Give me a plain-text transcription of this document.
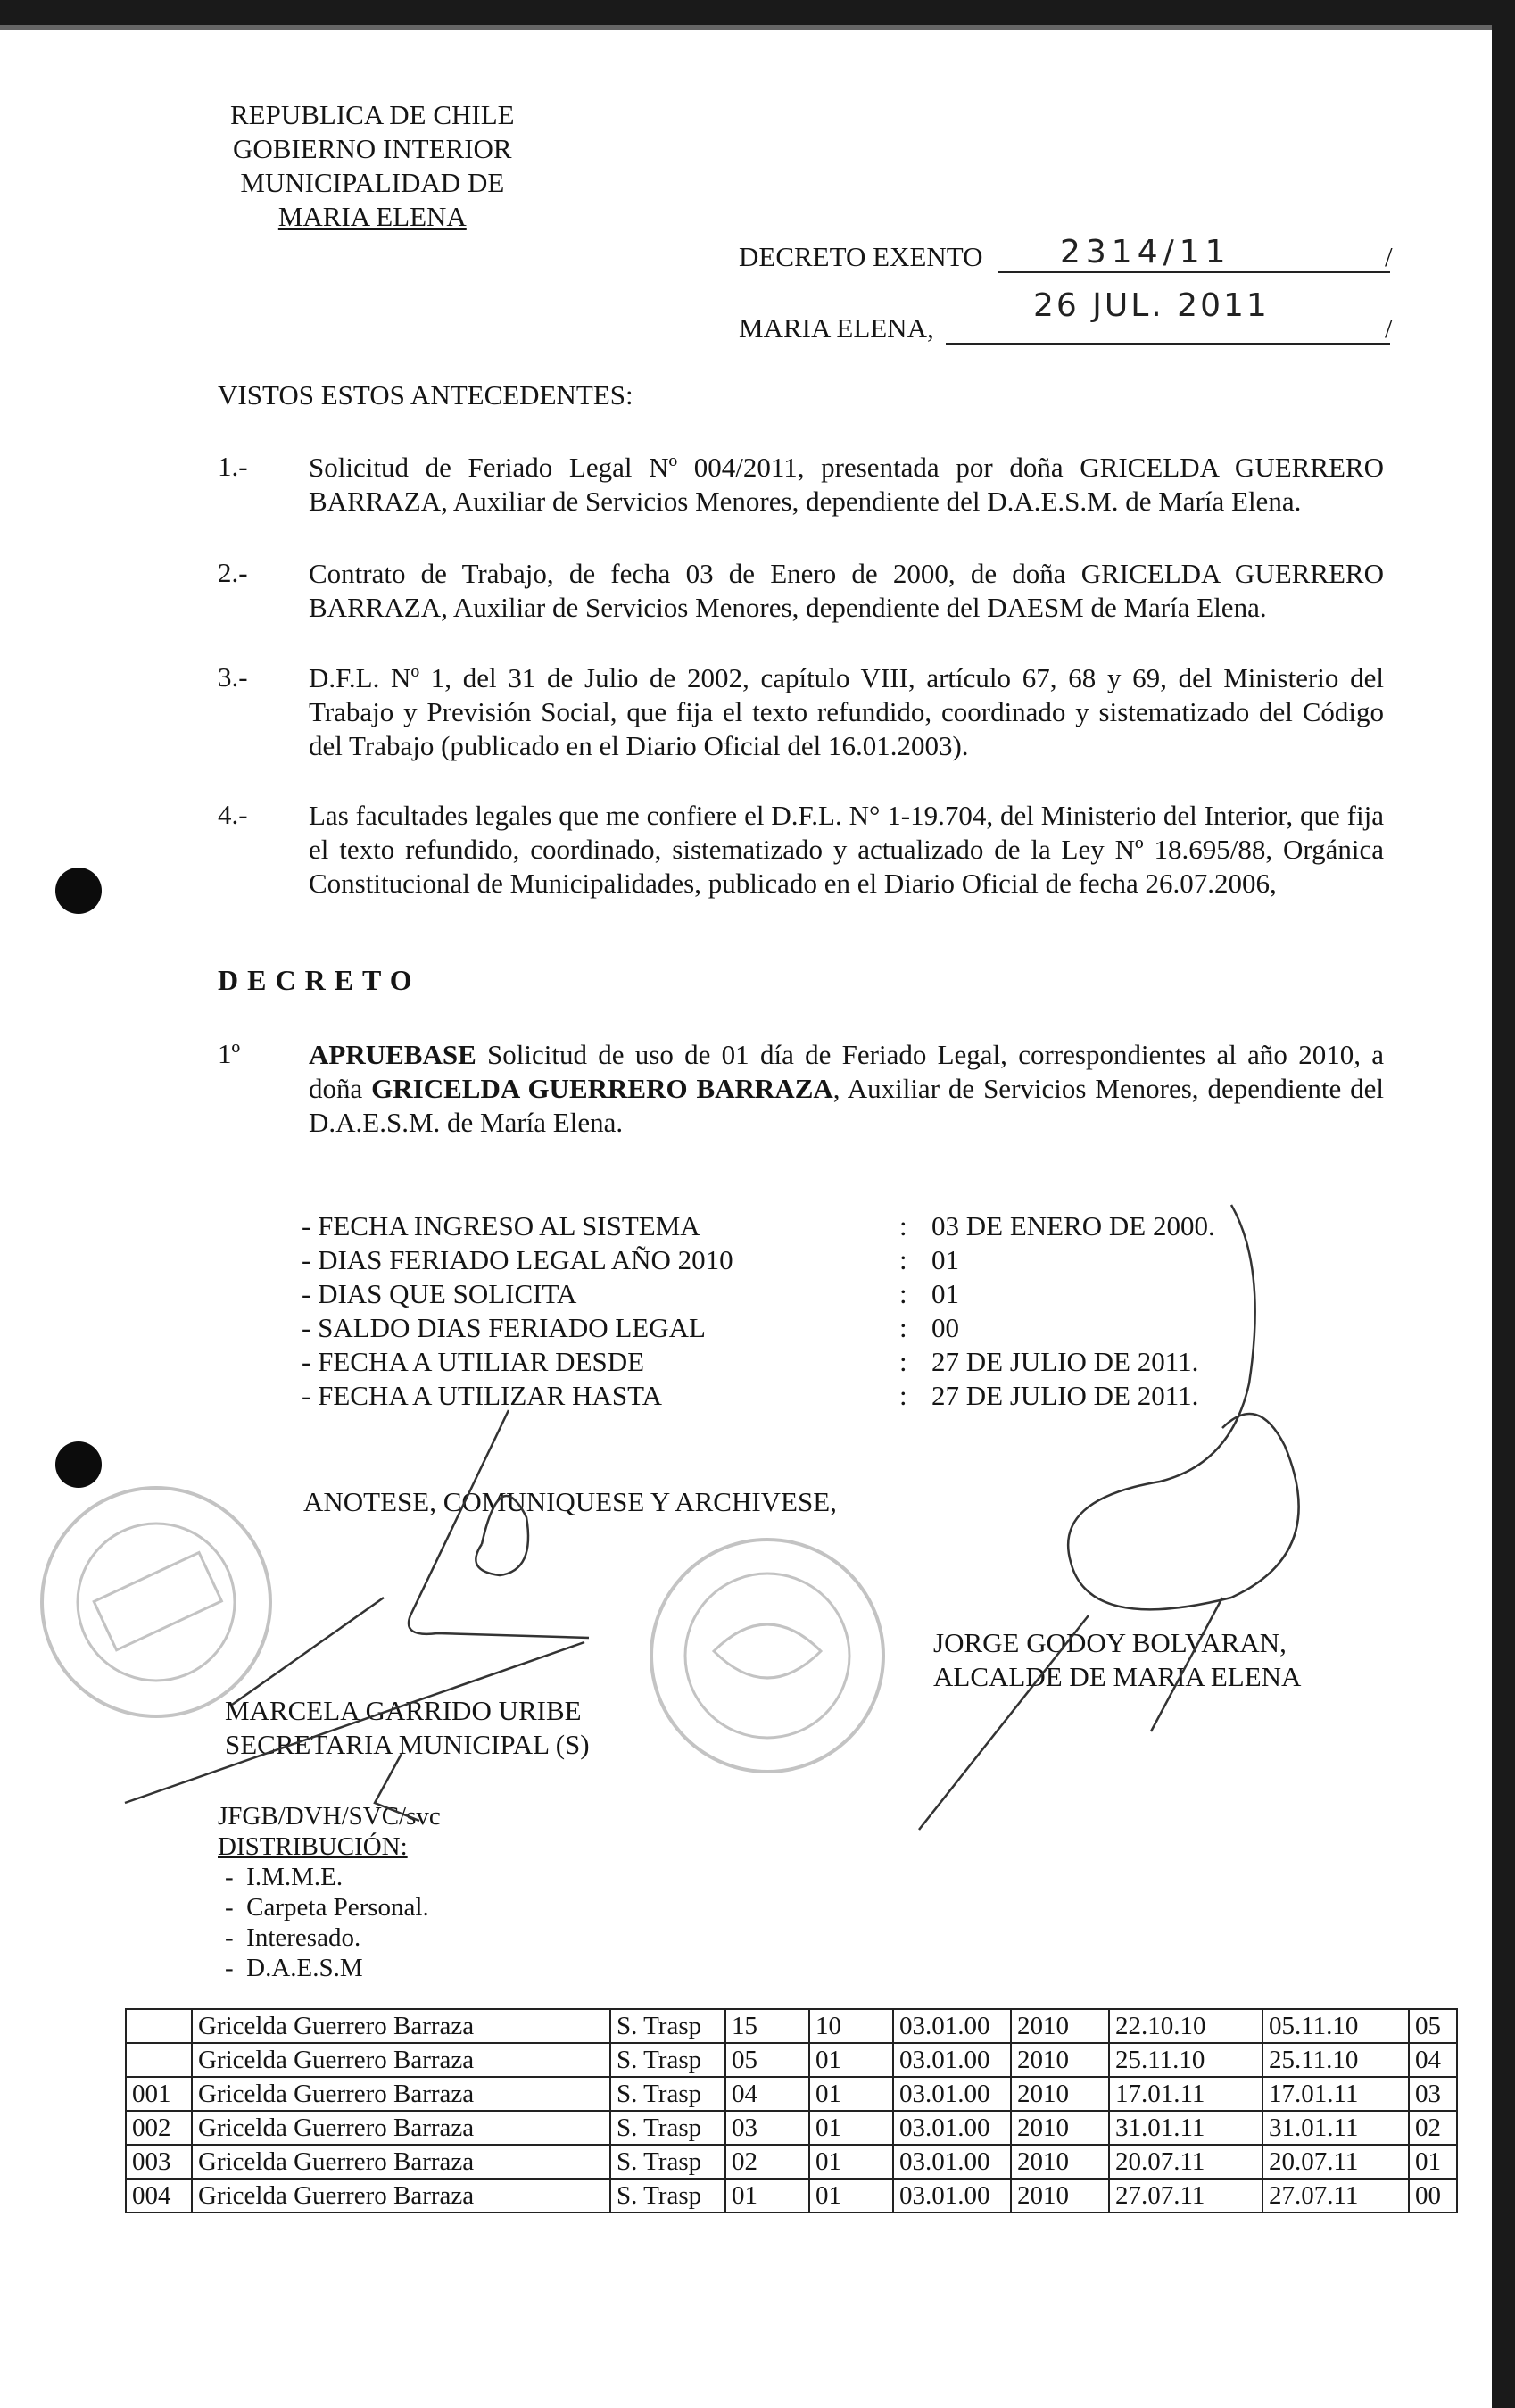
REPUBLICA DE CHILE
GOBIERNO INTERIOR
MUNICIPALIDAD DE
MARIA ELENA
DECRETO EXENTO 2314/11	/
MARIA ELENA,
26 JUL. 2011
/
VISTOS ESTOS ANTECEDENTES:
1.- Solicitud de Feriado Legal Nº 004/2011, presentada por doña GRICELDA GUERRERO BARRAZA, Auxiliar de Servicios Menores, dependiente del D.A.E.S.M. de María Elena.
2.- Contrato de Trabajo, de fecha 03 de Enero de 2000, de doña GRICELDA GUERRERO BARRAZA, Auxiliar de Servicios Menores, dependiente del DAESM de María Elena.
3.- D.F.L. Nº 1, del 31 de Julio de 2002, capítulo VIII, artículo 67, 68 y 69, del Ministerio del Trabajo y Previsión Social, que fija el texto refundido, coordinado y sistematizado del Código del Trabajo (publicado en el Diario Oficial del 16.01.2003).
4.- Las facultades legales que me confiere el D.F.L. N° 1-19.704, del Ministerio del Interior, que fija el texto refundido, coordinado, sistematizado y actualizado de la Ley Nº 18.695/88, Orgánica Constitucional de Municipalidades, publicado en el Diario Oficial de fecha 26.07.2006,
DECRETO
1º APRUEBASE Solicitud de uso de 01 día de Feriado Legal, correspondientes al año 2010, a doña GRICELDA GUERRERO BARRAZA, Auxiliar de Servicios Menores, dependiente del D.A.E.S.M. de María Elena.
- FECHA INGRESO AL SISTEMA	: 03 DE ENERO DE 2000.
- DIAS FERIADO LEGAL AÑO 2010	: 01
- DIAS QUE SOLICITA	: 01
- SALDO DIAS FERIADO LEGAL	: 00
- FECHA A UTILIAR DESDE	: 27 DE JULIO DE 2011.
- FECHA A UTILIZAR HASTA	: 27 DE JULIO DE 2011.
ANOTESE, COMUNIQUESE Y ARCHIVESE,
MARCELA GARRIDO URIBE
SECRETARIA MUNICIPAL (S)
JORGE GODOY BOLVARAN,
ALCALDE DE MARIA ELENA
JFGB/DVH/SVC/svc
DISTRIBUCIÓN:
- I.M.M.E.
- Carpeta Personal.
- Interesado.
- D.A.E.S.M
	Gricelda Guerrero Barraza	S. Trasp	15	10	03.01.00	2010	22.10.10	05.11.10	05
	Gricelda Guerrero Barraza	S. Trasp	05	01	03.01.00	2010	25.11.10	25.11.10	04
001	Gricelda Guerrero Barraza	S. Trasp	04	01	03.01.00	2010	17.01.11	17.01.11	03
002	Gricelda Guerrero Barraza	S. Trasp	03	01	03.01.00	2010	31.01.11	31.01.11	02
003	Gricelda Guerrero Barraza	S. Trasp	02	01	03.01.00	2010	20.07.11	20.07.11	01
004	Gricelda Guerrero Barraza	S. Trasp	01	01	03.01.00	2010	27.07.11	27.07.11	00
